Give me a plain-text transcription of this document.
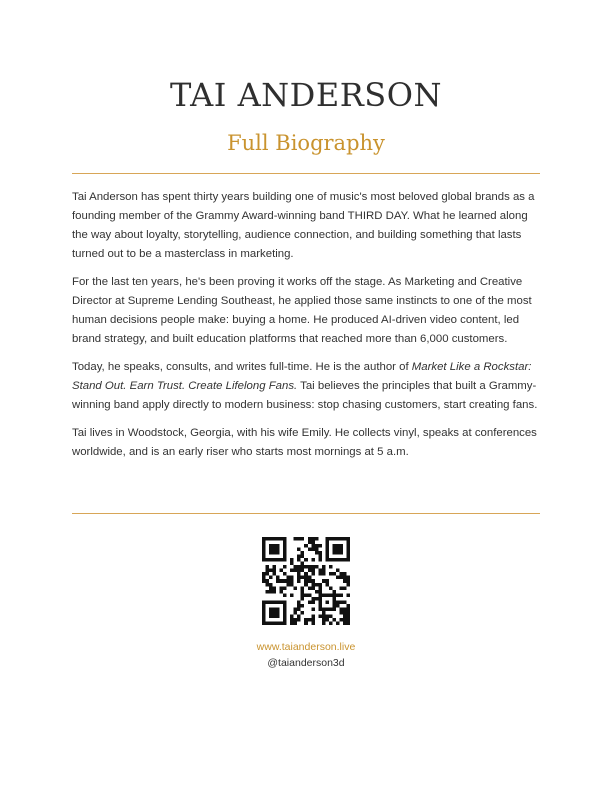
TAI ANDERSON
Full Biography

Tai Anderson has spent thirty years building one of music's most beloved global brands as a founding member of the Grammy Award-winning band THIRD DAY. What he learned along the way about loyalty, storytelling, audience connection, and building something that lasts turned out to be a masterclass in marketing.

For the last ten years, he's been proving it works off the stage. As Marketing and Creative Director at Supreme Lending Southeast, he applied those same instincts to one of the most human decisions people make: buying a home. He produced AI-driven video content, led brand strategy, and built education platforms that reached more than 6,000 customers.

Today, he speaks, consults, and writes full-time. He is the author of Market Like a Rockstar: Stand Out. Earn Trust. Create Lifelong Fans. Tai believes the principles that built a Grammy-winning band apply directly to modern business: stop chasing customers, start creating fans.

Tai lives in Woodstock, Georgia, with his wife Emily. He collects vinyl, speaks at conferences worldwide, and is an early riser who starts most mornings at 5 a.m.

www.taianderson.live
@taianderson3d
